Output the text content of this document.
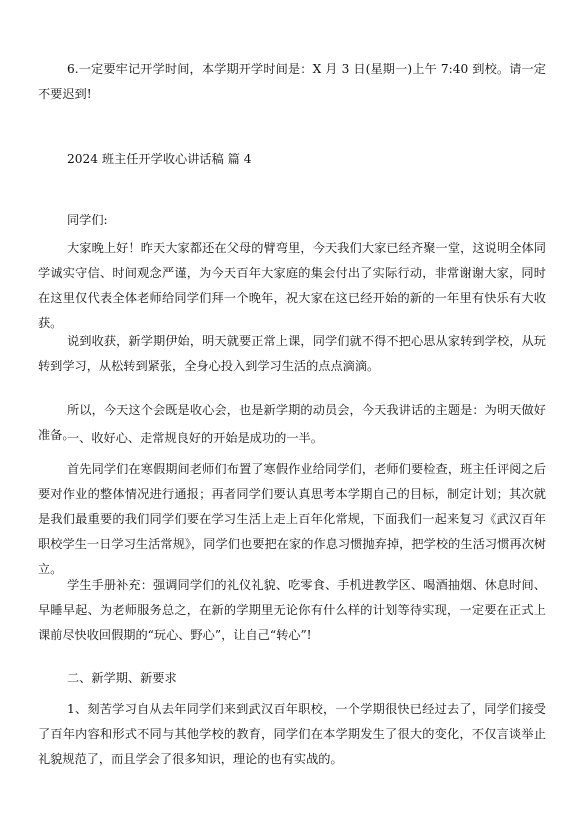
6.一定要牢记开学时间，本学期开学时间是：X 月 3 日(星期一)上午 7:40 到校。请一定不要迟到!

2024 班主任开学收心讲话稿 篇 4

同学们:

大家晚上好！昨天大家都还在父母的臂弯里，今天我们大家已经齐聚一堂，这说明全体同学诚实守信、时间观念严谨，为今天百年大家庭的集会付出了实际行动，非常谢谢大家，同时在这里仅代表全体老师给同学们拜一个晚年，祝大家在这已经开始的新的一年里有快乐有大收获。

说到收获，新学期伊始，明天就要正常上课，同学们就不得不把心思从家转到学校，从玩转到学习，从松转到紧张，全身心投入到学习生活的点点滴滴。

所以，今天这个会既是收心会，也是新学期的动员会，今天我讲话的主题是：为明天做好准备。

一、收好心、走常规良好的开始是成功的一半。

首先同学们在寒假期间老师们布置了寒假作业给同学们，老师们要检查，班主任评阅之后要对作业的整体情况进行通报；再者同学们要认真思考本学期自己的目标，制定计划；其次就是我们最重要的我们同学们要在学习生活上走上百年化常规，下面我们一起来复习《武汉百年职校学生一日学习生活常规》，同学们也要把在家的作息习惯抛弃掉，把学校的生活习惯再次树立。

学生手册补充：强调同学们的礼仪礼貌、吃零食、手机进教学区、喝酒抽烟、休息时间、早睡早起、为老师服务总之，在新的学期里无论你有什么样的计划等待实现，一定要在正式上课前尽快收回假期的“玩心、野心”，让自己“转心”!

二、新学期、新要求

1、刻苦学习自从去年同学们来到武汉百年职校，一个学期很快已经过去了，同学们接受了百年内容和形式不同与其他学校的教育，同学们在本学期发生了很大的变化，不仅言谈举止礼貌规范了，而且学会了很多知识，理论的也有实战的。
